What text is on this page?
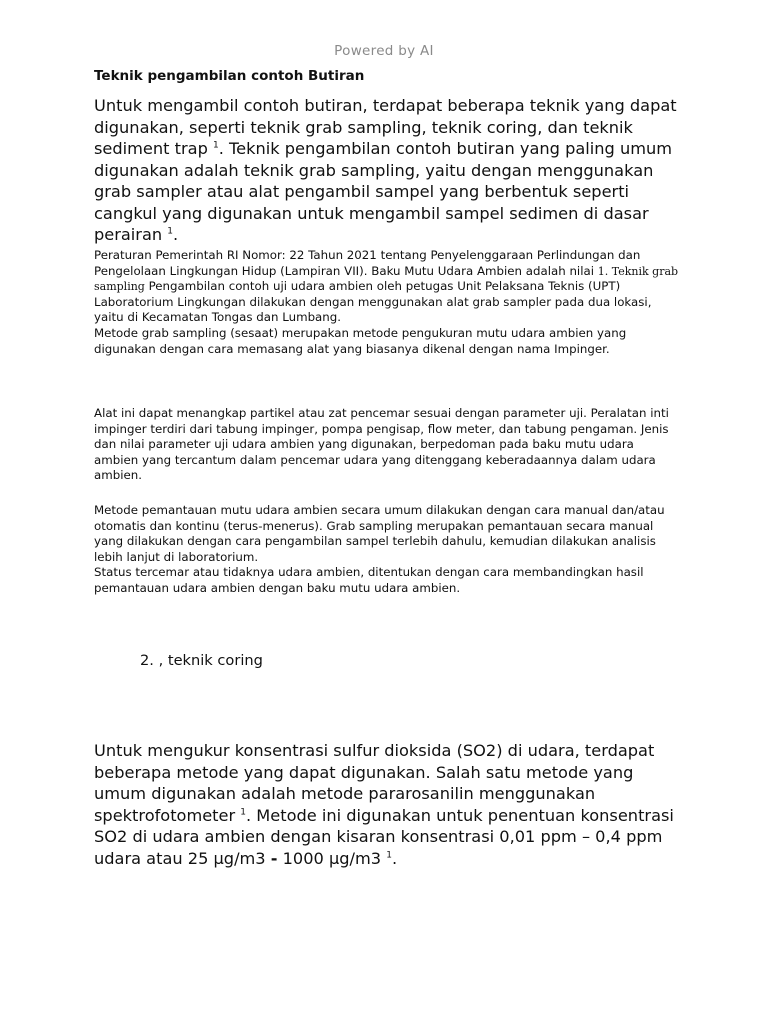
Powered by AI
Teknik pengambilan contoh Butiran

Untuk mengambil contoh butiran, terdapat beberapa teknik yang dapat digunakan, seperti teknik grab sampling, teknik coring, dan teknik sediment trap $^1$. Teknik pengambilan contoh butiran yang paling umum digunakan adalah teknik grab sampling, yaitu dengan menggunakan grab sampler atau alat pengambil sampel yang berbentuk seperti cangkul yang digunakan untuk mengambil sampel sedimen di dasar perairan $^1$.

Peraturan Pemerintah RI Nomor: 22 Tahun 2021 tentang Penyelenggaraan Perlindungan dan Pengelolaan Lingkungan Hidup (Lampiran VII). Baku Mutu Udara Ambien adalah nilai 1. Teknik grab sampling Pengambilan contoh uji udara ambien oleh petugas Unit Pelaksana Teknis (UPT) Laboratorium Lingkungan dilakukan dengan menggunakan alat grab sampler pada dua lokasi, yaitu di Kecamatan Tongas dan Lumbang.
Metode grab sampling (sesaat) merupakan metode pengukuran mutu udara ambien yang digunakan dengan cara memasang alat yang biasanya dikenal dengan nama Impinger.

Alat ini dapat menangkap partikel atau zat pencemar sesuai dengan parameter uji. Peralatan inti impinger terdiri dari tabung impinger, pompa pengisap, flow meter, dan tabung pengaman. Jenis dan nilai parameter uji udara ambien yang digunakan, berpedoman pada baku mutu udara ambien yang tercantum dalam pencemar udara yang ditenggang keberadaannya dalam udara ambien.

Metode pemantauan mutu udara ambien secara umum dilakukan dengan cara manual dan/atau otomatis dan kontinu (terus-menerus). Grab sampling merupakan pemantauan secara manual yang dilakukan dengan cara pengambilan sampel terlebih dahulu, kemudian dilakukan analisis lebih lanjut di laboratorium.
Status tercemar atau tidaknya udara ambien, ditentukan dengan cara membandingkan hasil pemantauan udara ambien dengan baku mutu udara ambien.

2. , teknik coring

Untuk mengukur konsentrasi sulfur dioksida (SO2) di udara, terdapat beberapa metode yang dapat digunakan. Salah satu metode yang umum digunakan adalah metode pararosanilin menggunakan spektrofotometer $^1$. Metode ini digunakan untuk penentuan konsentrasi SO2 di udara ambien dengan kisaran konsentrasi 0,01 ppm – 0,4 ppm udara atau 25 µg/m3 - 1000 µg/m3 $^1$.
